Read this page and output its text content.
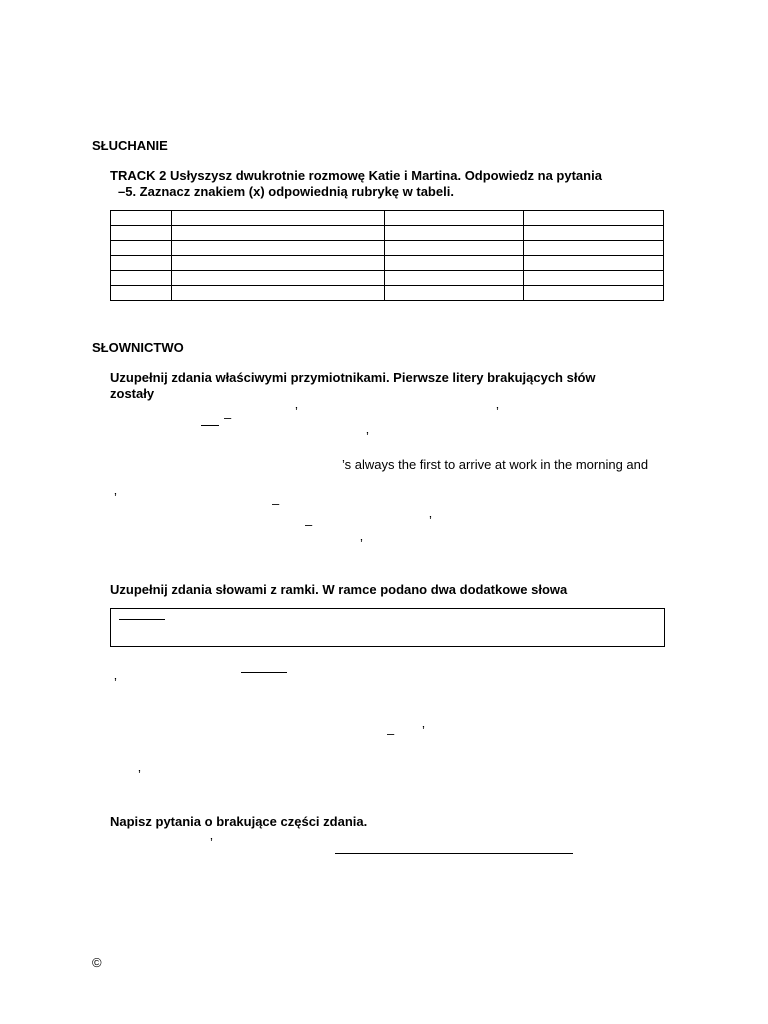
SŁUCHANIE
TRACK 2 Usłyszysz dwukrotnie rozmowę Katie i Martina. Odpowiedz na pytania
–5. Zaznacz znakiem (x) odpowiednią rubrykę w tabeli.

SŁOWNICTWO
Uzupełnij zdania właściwymi przymiotnikami. Pierwsze litery brakujących słów
zostały
–	’	’
’
’s always the first to arrive at work in the morning and
’	–
–	’
’
Uzupełnij zdania słowami z ramki. W ramce podano dwa dodatkowe słowa
’
– ’
’
Napisz pytania o brakujące części zdania.
’
©
